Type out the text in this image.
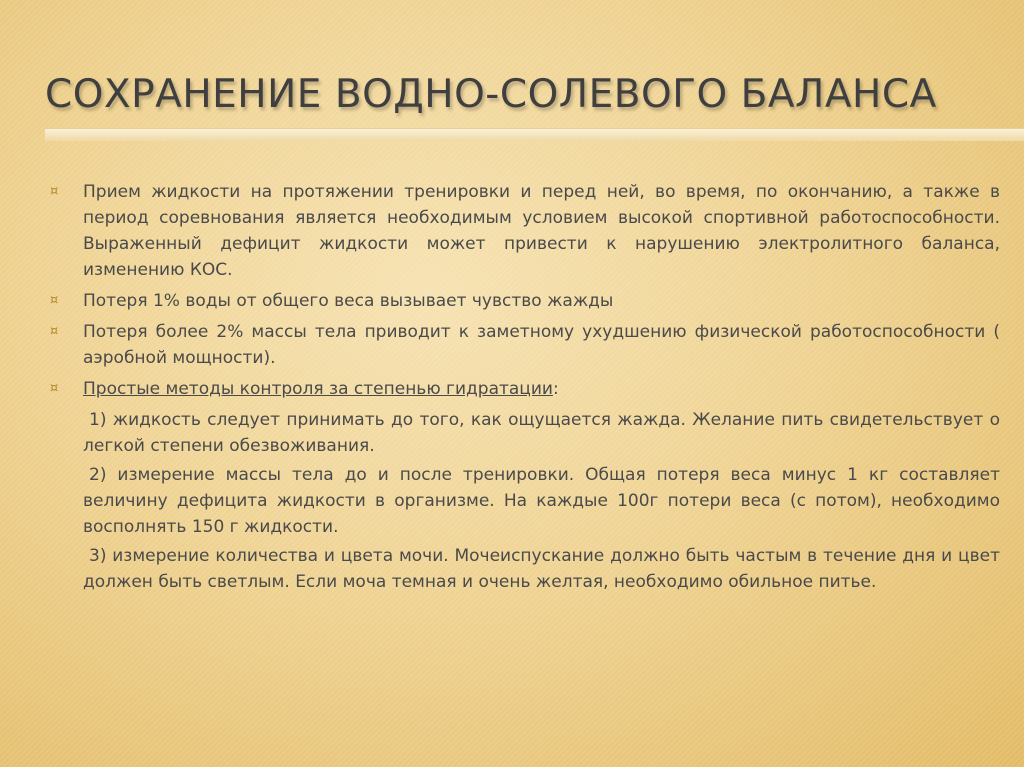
СОХРАНЕНИЕ ВОДНО-СОЛЕВОГО БАЛАНСА
¤ Прием жидкости на протяжении тренировки и перед ней, во время, по окончанию, а также в период соревнования является необходимым условием высокой спортивной работоспособности. Выраженный дефицит жидкости может привести к нарушению электролитного баланса, изменению КОС.
¤ Потеря 1% воды от общего веса вызывает чувство жажды
¤ Потеря более 2% массы тела приводит к заметному ухудшению физической работоспособности ( аэробной мощности).
¤ Простые методы контроля за степенью гидратации:
1) жидкость следует принимать до того, как ощущается жажда. Желание пить свидетельствует о легкой степени обезвоживания.
2) измерение массы тела до и после тренировки. Общая потеря веса минус 1 кг составляет величину дефицита жидкости в организме. На каждые 100г потери веса (с потом), необходимо восполнять 150 г жидкости.
3) измерение количества и цвета мочи. Мочеиспускание должно быть частым в течение дня и цвет должен быть светлым. Если моча темная и очень желтая, необходимо обильное питье.
